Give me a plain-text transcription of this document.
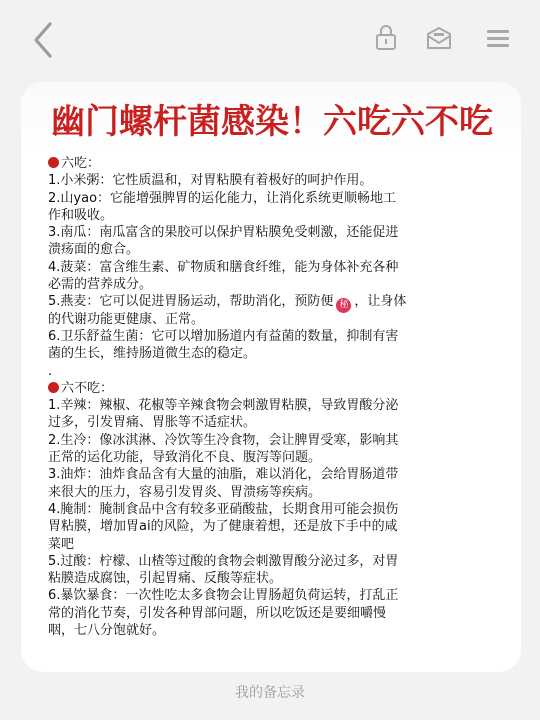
幽门螺杆菌感染！六吃六不吃
六吃：
1.小米粥：它性质温和，对胃粘膜有着极好的呵护作用。
2.山yao：它能增强脾胃的运化能力，让消化系统更顺畅地工
作和吸收。
3.南瓜：南瓜富含的果胶可以保护胃粘膜免受刺激，还能促进
溃疡面的愈合。
4.菠菜：富含维生素、矿物质和膳食纤维，能为身体补充各种
必需的营养成分。
5.燕麦：它可以促进胃肠运动，帮助消化，预防便 秘 ，让身体
的代谢功能更健康、正常。
6.卫乐舒益生菌：它可以增加肠道内有益菌的数量，抑制有害
菌的生长，维持肠道微生态的稳定。
.
六不吃：
1.辛辣：辣椒、花椒等辛辣食物会刺激胃粘膜，导致胃酸分泌
过多，引发胃痛、胃胀等不适症状。
2.生冷：像冰淇淋、冷饮等生冷食物，会让脾胃受寒，影响其
正常的运化功能，导致消化不良、腹泻等问题。
3.油炸：油炸食品含有大量的油脂，难以消化，会给胃肠道带
来很大的压力，容易引发胃炎、胃溃疡等疾病。
4.腌制：腌制食品中含有较多亚硝酸盐，长期食用可能会损伤
胃粘膜，增加胃ai的风险，为了健康着想，还是放下手中的咸
菜吧
5.过酸：柠檬、山楂等过酸的食物会刺激胃酸分泌过多，对胃
粘膜造成腐蚀，引起胃痛、反酸等症状。
6.暴饮暴食：一次性吃太多食物会让胃肠超负荷运转，打乱正
常的消化节奏，引发各种胃部问题，所以吃饭还是要细嚼慢
咽，七八分饱就好。
我的备忘录
